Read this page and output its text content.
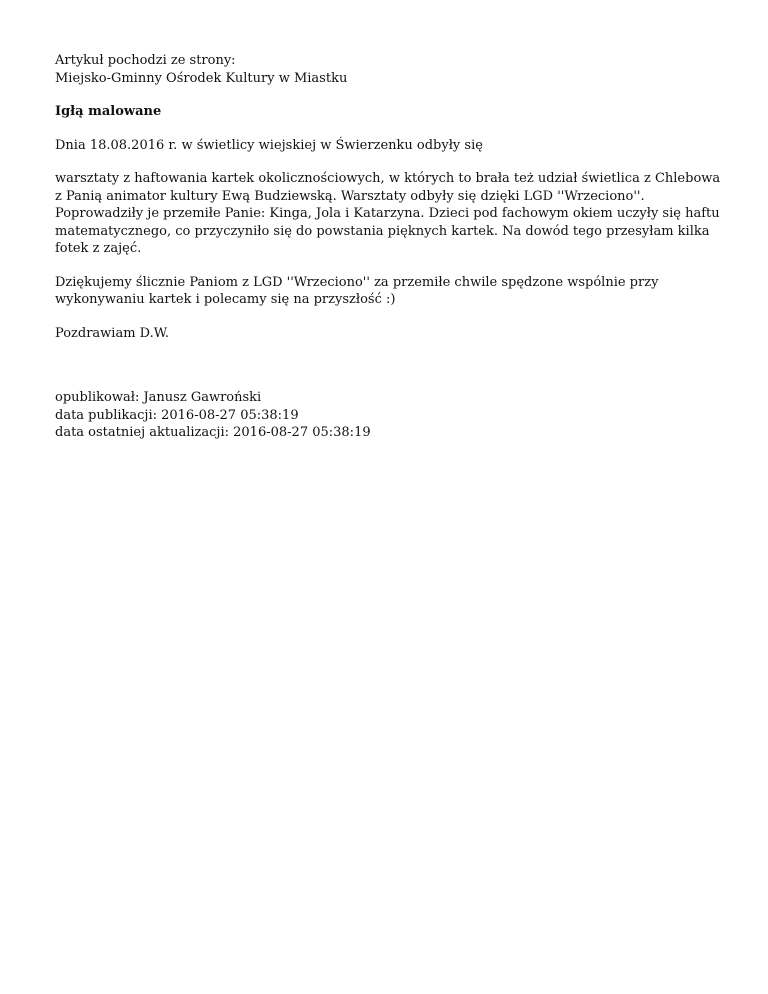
Artykuł pochodzi ze strony:
Miejsko-Gminny Ośrodek Kultury w Miastku
Igłą malowane
Dnia 18.08.2016 r. w świetlicy wiejskiej w Świerzenku odbyły się
warsztaty z haftowania kartek okolicznościowych, w których to brała też udział świetlica z Chlebowa
z Panią animator kultury Ewą Budziewską. Warsztaty odbyły się dzięki LGD ''Wrzeciono''.
Poprowadziły je przemiłe Panie: Kinga, Jola i Katarzyna. Dzieci pod fachowym okiem uczyły się haftu
matematycznego, co przyczyniło się do powstania pięknych kartek. Na dowód tego przesyłam kilka
fotek z zajęć.
Dziękujemy ślicznie Paniom z LGD ''Wrzeciono'' za przemiłe chwile spędzone wspólnie przy
wykonywaniu kartek i polecamy się na przyszłość :)
Pozdrawiam D.W.
opublikował: Janusz Gawroński
data publikacji: 2016-08-27 05:38:19
data ostatniej aktualizacji: 2016-08-27 05:38:19
